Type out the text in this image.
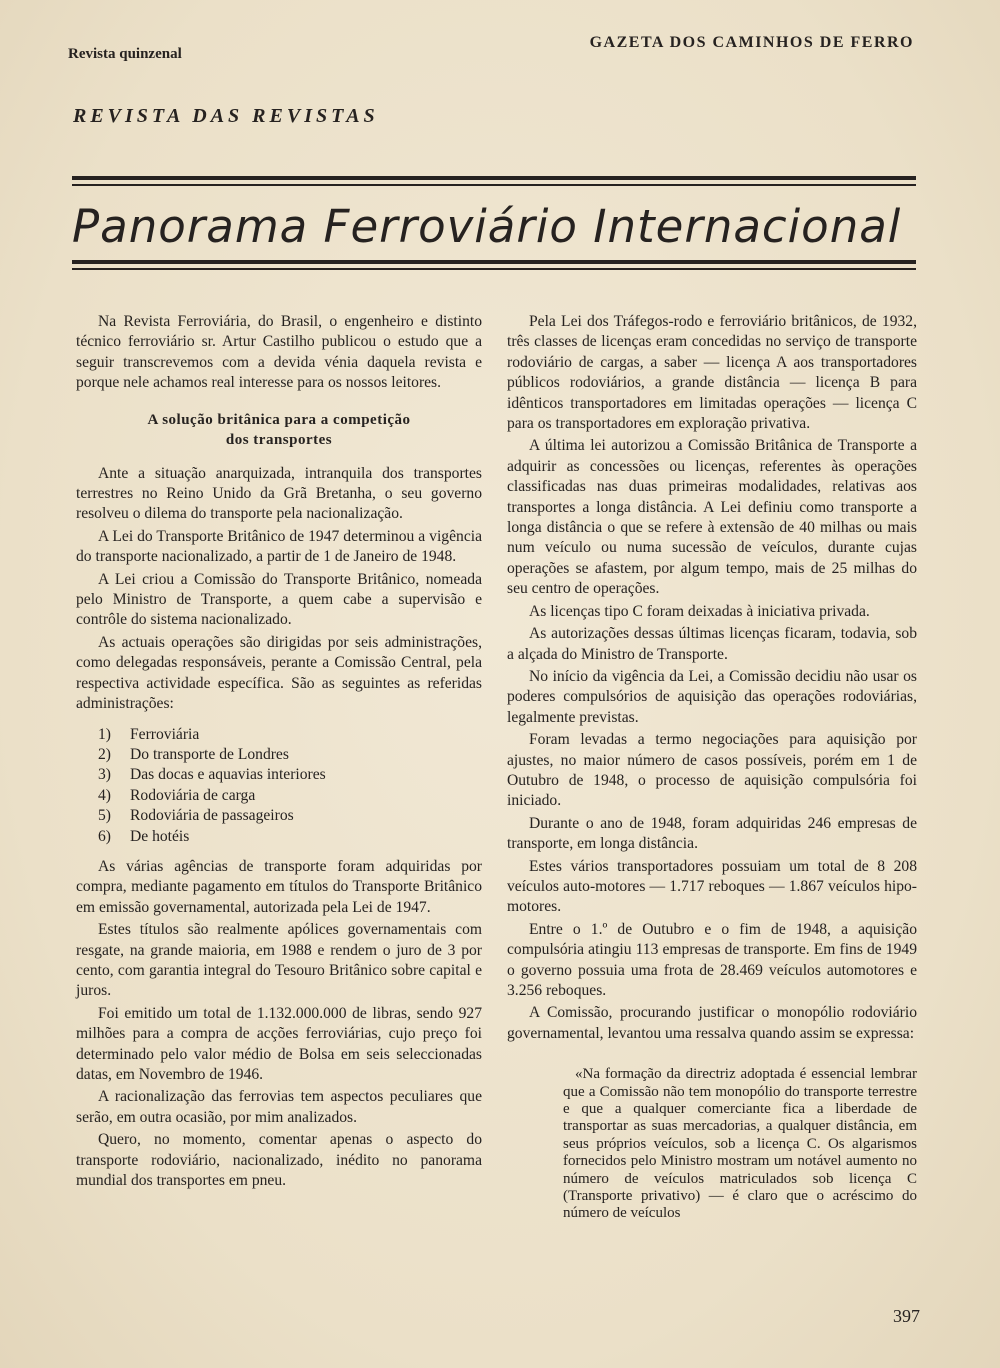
Revista quinzenal
GAZETA DOS CAMINHOS DE FERRO
REVISTA DAS REVISTAS
Panorama Ferroviário Internacional

Na Revista Ferroviária, do Brasil, o engenheiro e distinto técnico ferroviário sr. Artur Castilho publicou o estudo que a seguir transcrevemos com a devida vénia daquela revista e porque nele achamos real interesse para os nossos leitores.

A solução britânica para a competição
dos transportes

Ante a situação anarquizada, intranquila dos transportes terrestres no Reino Unido da Grã Bretanha, o seu governo resolveu o dilema do transporte pela nacionalização.

A Lei do Transporte Britânico de 1947 determinou a vigência do transporte nacionalizado, a partir de 1 de Janeiro de 1948.

A Lei criou a Comissão do Transporte Britânico, nomeada pelo Ministro de Transporte, a quem cabe a supervisão e contrôle do sistema nacionalizado.

As actuais operações são dirigidas por seis administrações, como delegadas responsáveis, perante a Comissão Central, pela respectiva actividade específica. São as seguintes as referidas administrações:

1) Ferroviária
2) Do transporte de Londres
3) Das docas e aquavias interiores
4) Rodoviária de carga
5) Rodoviária de passageiros
6) De hotéis

As várias agências de transporte foram adquiridas por compra, mediante pagamento em títulos do Transporte Britânico em emissão governamental, autorizada pela Lei de 1947.

Estes títulos são realmente apólices governamentais com resgate, na grande maioria, em 1988 e rendem o juro de 3 por cento, com garantia integral do Tesouro Britânico sobre capital e juros.

Foi emitido um total de 1.132.000.000 de libras, sendo 927 milhões para a compra de acções ferroviárias, cujo preço foi determinado pelo valor médio de Bolsa em seis seleccionadas datas, em Novembro de 1946.

A racionalização das ferrovias tem aspectos peculiares que serão, em outra ocasião, por mim analizados.

Quero, no momento, comentar apenas o aspecto do transporte rodoviário, nacionalizado, inédito no panorama mundial dos transportes em pneu.

Pela Lei dos Tráfegos-rodo e ferroviário britânicos, de 1932, três classes de licenças eram concedidas no serviço de transporte rodoviário de cargas, a saber — licença A aos transportadores públicos rodoviários, a grande distância — licença B para idênticos transportadores em limitadas operações — licença C para os transportadores em exploração privativa.

A última lei autorizou a Comissão Britânica de Transporte a adquirir as concessões ou licenças, referentes às operações classificadas nas duas primeiras modalidades, relativas aos transportes a longa distância. A Lei definiu como transporte a longa distância o que se refere à extensão de 40 milhas ou mais num veículo ou numa sucessão de veículos, durante cujas operações se afastem, por algum tempo, mais de 25 milhas do seu centro de operações.

As licenças tipo C foram deixadas à iniciativa privada.

As autorizações dessas últimas licenças ficaram, todavia, sob a alçada do Ministro de Transporte.

No início da vigência da Lei, a Comissão decidiu não usar os poderes compulsórios de aquisição das operações rodoviárias, legalmente previstas.

Foram levadas a termo negociações para aquisição por ajustes, no maior número de casos possíveis, porém em 1 de Outubro de 1948, o processo de aquisição compulsória foi iniciado.

Durante o ano de 1948, foram adquiridas 246 empresas de transporte, em longa distância.

Estes vários transportadores possuiam um total de 8 208 veículos auto-motores — 1.717 reboques — 1.867 veículos hipo-motores.

Entre o 1.º de Outubro e o fim de 1948, a aquisição compulsória atingiu 113 empresas de transporte. Em fins de 1949 o governo possuia uma frota de 28.469 veículos automotores e 3.256 reboques.

A Comissão, procurando justificar o monopólio rodoviário governamental, levantou uma ressalva quando assim se expressa:

«Na formação da directriz adoptada é essencial lembrar que a Comissão não tem monopólio do transporte terrestre e que a qualquer comerciante fica a liberdade de transportar as suas mercadorias, a qualquer distância, em seus próprios veículos, sob a licença C. Os algarismos fornecidos pelo Ministro mostram um notável aumento no número de veículos matriculados sob licença C (Transporte privativo) — é claro que o acréscimo do número de veículos
397
